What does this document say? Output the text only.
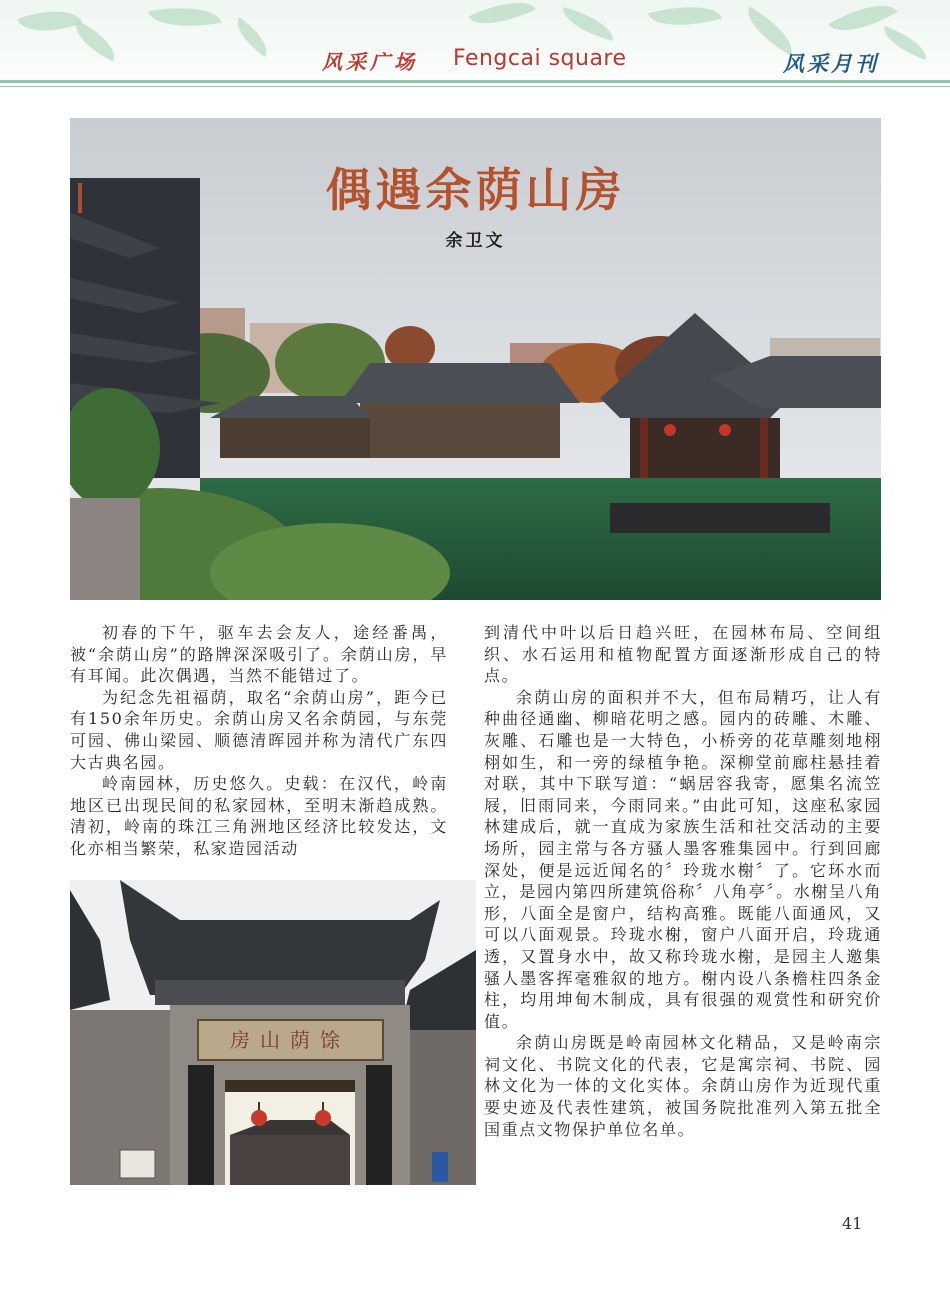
风采广场 Fengcai square	风采月刊
偶遇余荫山房
余卫文

初春的下午，驱车去会友人，途经番禺，被“余荫山房”的路牌深深吸引了。余荫山房，早有耳闻。此次偶遇，当然不能错过了。

为纪念先祖福荫，取名“余荫山房”，距今已有150余年历史。余荫山房又名余荫园，与东莞可园、佛山梁园、顺德清晖园并称为清代广东四大古典名园。

岭南园林，历史悠久。史载：在汉代，岭南地区已出现民间的私家园林，至明末渐趋成熟。清初，岭南的珠江三角洲地区经济比较发达，文化亦相当繁荣，私家造园活动

到清代中叶以后日趋兴旺，在园林布局、空间组织、水石运用和植物配置方面逐渐形成自己的特点。

余荫山房的面积并不大，但布局精巧，让人有种曲径通幽、柳暗花明之感。园内的砖雕、木雕、灰雕、石雕也是一大特色，小桥旁的花草雕刻地栩栩如生，和一旁的绿植争艳。深柳堂前廊柱悬挂着对联，其中下联写道：“蜗居容我寄，愿集名流笠屐，旧雨同来，今雨同来。”由此可知，这座私家园林建成后，就一直成为家族生活和社交活动的主要场所，园主常与各方骚人墨客雅集园中。行到回廊深处，便是远近闻名的〞玲珑水榭〞了。它环水而立，是园内第四所建筑俗称〞八角亭〞。水榭呈八角形，八面全是窗户，结构高雅。既能八面通风，又可以八面观景。玲珑水榭，窗户八面开启，玲珑通透，又置身水中，故又称玲珑水榭，是园主人邀集骚人墨客挥毫雅叙的地方。榭内设八条檐柱四条金柱，均用坤甸木制成，具有很强的观赏性和研究价值。

余荫山房既是岭南园林文化精品，又是岭南宗祠文化、书院文化的代表，它是寓宗祠、书院、园林文化为一体的文化实体。余荫山房作为近现代重要史迹及代表性建筑，被国务院批准列入第五批全国重点文物保护单位名单。

房山荫馀
41
